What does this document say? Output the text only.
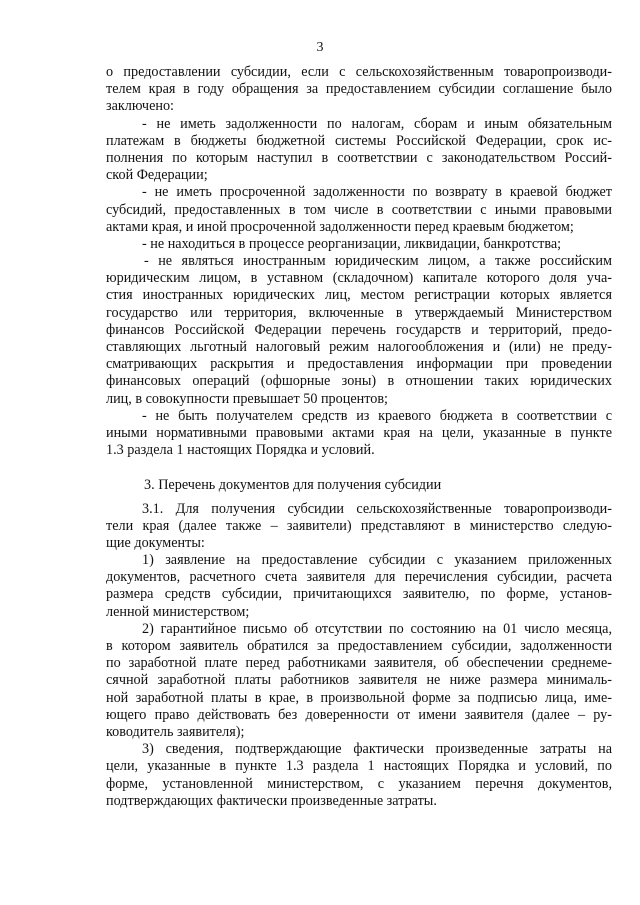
3
о предоставлении субсидии, если с сельскохозяйственным товаропроизводи-
телем края в году обращения за предоставлением субсидии соглашение было
заключено:
- не иметь задолженности по налогам, сборам и иным обязательным
платежам в бюджеты бюджетной системы Российской Федерации, срок ис-
полнения по которым наступил в соответствии с законодательством Россий-
ской Федерации;
- не иметь просроченной задолженности по возврату в краевой бюджет
субсидий, предоставленных в том числе в соответствии с иными правовыми
актами края, и иной просроченной задолженности перед краевым бюджетом;
- не находиться в процессе реорганизации, ликвидации, банкротства;
- не являться иностранным юридическим лицом, а также российским
юридическим лицом, в уставном (складочном) капитале которого доля уча-
стия иностранных юридических лиц, местом регистрации которых является
государство или территория, включенные в утверждаемый Министерством
финансов Российской Федерации перечень государств и территорий, предо-
ставляющих льготный налоговый режим налогообложения и (или) не преду-
сматривающих раскрытия и предоставления информации при проведении
финансовых операций (офшорные зоны) в отношении таких юридических
лиц, в совокупности превышает 50 процентов;
- не быть получателем средств из краевого бюджета в соответствии с
иными нормативными правовыми актами края на цели, указанные в пункте
1.3 раздела 1 настоящих Порядка и условий.
3. Перечень документов для получения субсидии
3.1. Для получения субсидии сельскохозяйственные товаропроизводи-
тели края (далее также – заявители) представляют в министерство следую-
щие документы:
1) заявление на предоставление субсидии с указанием приложенных
документов, расчетного счета заявителя для перечисления субсидии, расчета
размера средств субсидии, причитающихся заявителю, по форме, установ-
ленной министерством;
2) гарантийное письмо об отсутствии по состоянию на 01 число месяца,
в котором заявитель обратился за предоставлением субсидии, задолженности
по заработной плате перед работниками заявителя, об обеспечении среднеме-
сячной заработной платы работников заявителя не ниже размера минималь-
ной заработной платы в крае, в произвольной форме за подписью лица, име-
ющего право действовать без доверенности от имени заявителя (далее – ру-
ководитель заявителя);
3) сведения, подтверждающие фактически произведенные затраты на
цели, указанные в пункте 1.3 раздела 1 настоящих Порядка и условий, по
форме, установленной министерством, с указанием перечня документов,
подтверждающих фактически произведенные затраты.
